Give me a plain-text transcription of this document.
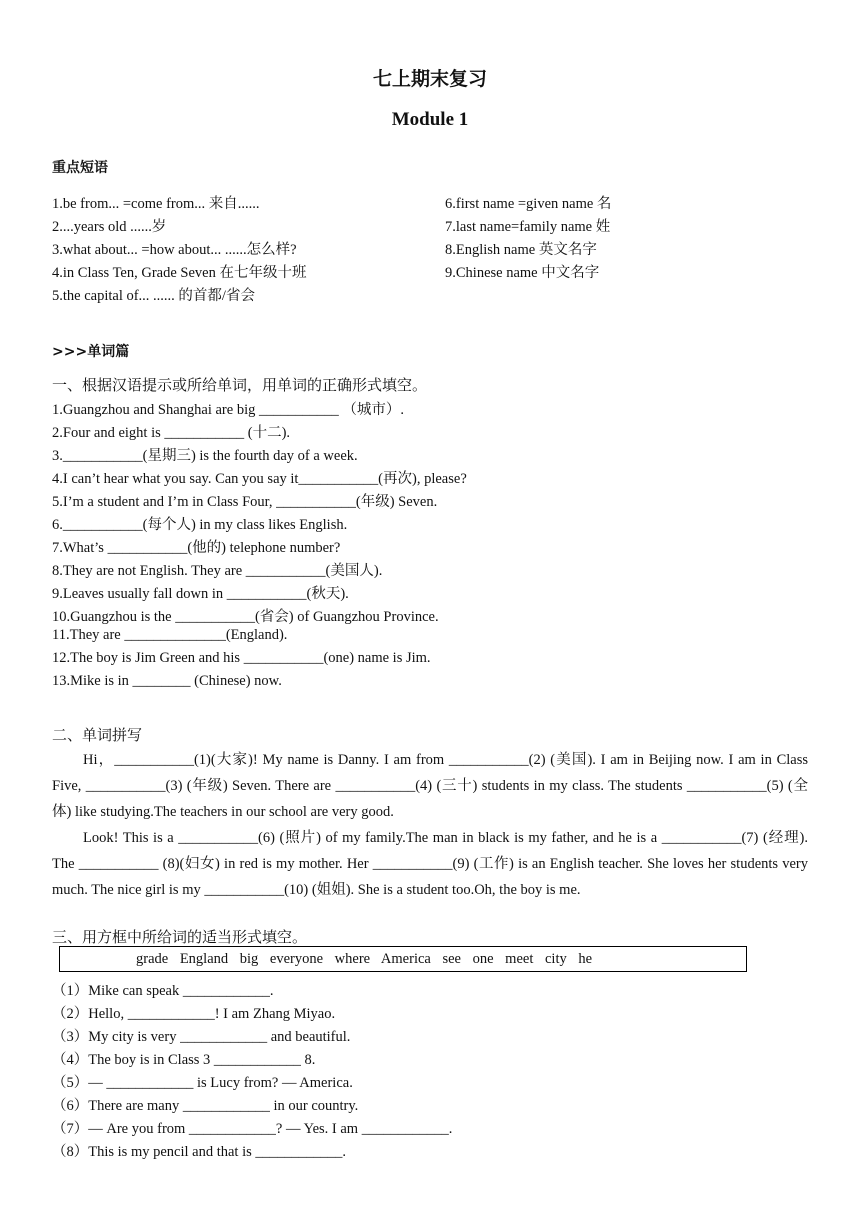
七上期末复习
Module 1
重点短语
1.be from... =come from... 来自......
2....years old ......岁
3.what about... =how about... ......怎么样?
4.in Class Ten, Grade Seven 在七年级十班
5.the capital of... ...... 的首都/省会
6.first name =given name 名
7.last name=family name 姓
8.English name 英文名字
9.Chinese name 中文名字
>>>单词篇
一、根据汉语提示或所给单词，用单词的正确形式填空。
1.Guangzhou and Shanghai are big ___________ （城市）.
2.Four and eight is ___________ (十二).
3.___________(星期三) is the fourth day of a week.
4.I can’t hear what you say. Can you say it___________(再次), please?
5.I’m a student and I’m in Class Four, ___________(年级) Seven.
6.___________(每个人) in my class likes English.
7.What’s ___________(他的) telephone number?
8.They are not English. They are ___________(美国人).
9.Leaves usually fall down in ___________(秋天).
10.Guangzhou is the ___________(省会) of Guangzhou Province.
11.They are ______________(England).
12.The boy is Jim Green and his ___________(one) name is Jim.
13.Mike is in ________ (Chinese) now.
二、单词拼写
Hi，___________(1)(大家)! My name is Danny. I am from ___________(2) (美国). I am in Beijing now. I am in Class Five, ___________(3) (年级) Seven. There are ___________(4) (三十) students in my class. The students ___________(5) (全体) like studying.The teachers in our school are very good.
Look! This is a ___________(6) (照片) of my family.The man in black is my father, and he is a ___________(7) (经理). The ___________ (8)(妇女) in red is my mother. Her ___________(9) (工作) is an English teacher. She loves her students very much. The nice girl is my ___________(10) (姐姐). She is a student too.Oh, the boy is me.
三、用方框中所给词的适当形式填空。
grade England big everyone where America see one meet city he
（1）Mike can speak ____________.
（2）Hello, ____________! I am Zhang Miyao.
（3）My city is very ____________ and beautiful.
（4）The boy is in Class 3 ____________ 8.
（5）— ____________ is Lucy from? — America.
（6）There are many ____________ in our country.
（7）— Are you from ____________? — Yes. I am ____________.
（8）This is my pencil and that is ____________.
